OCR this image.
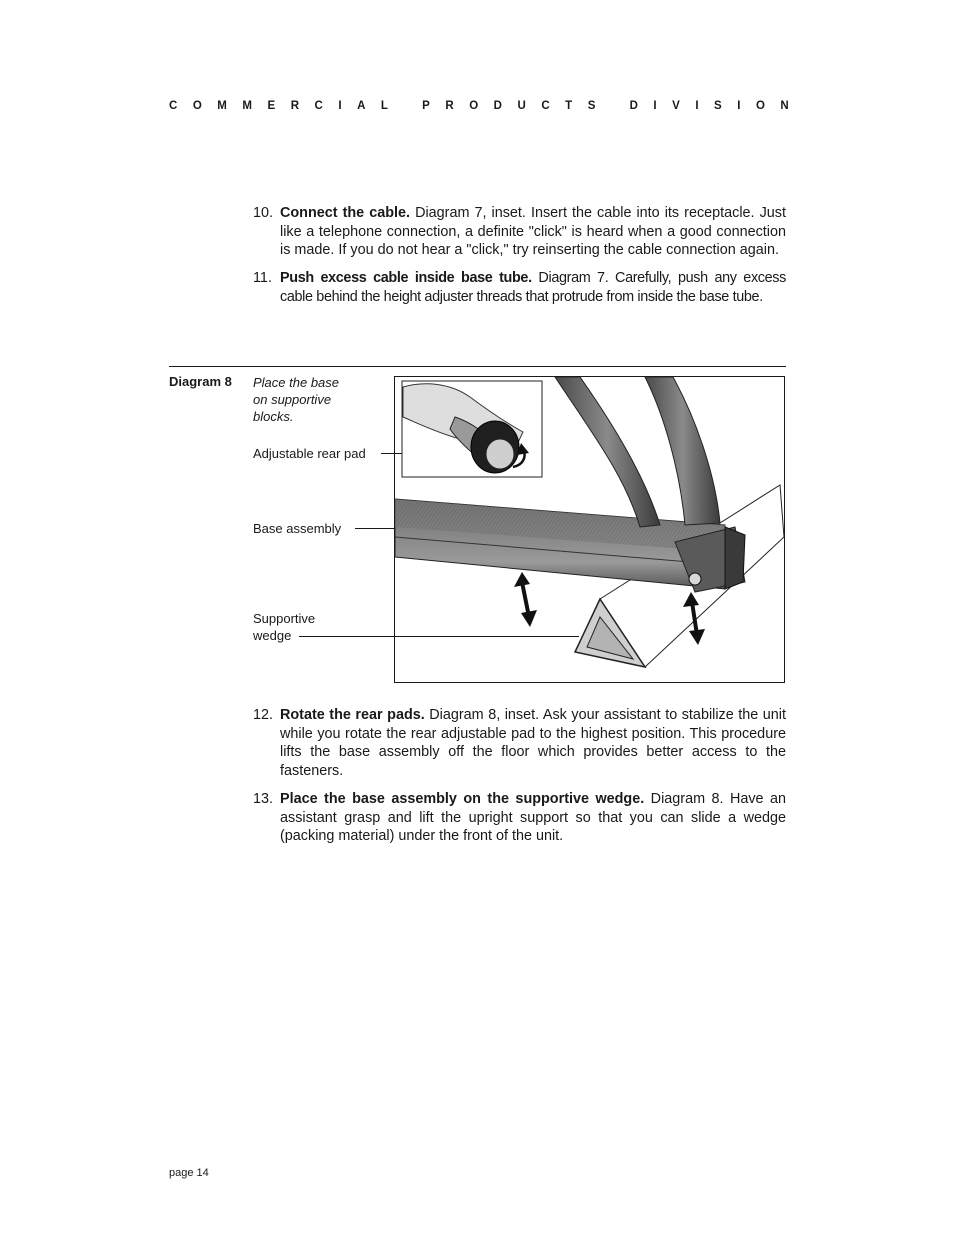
C O M M E R C I A L
	P R O D U C T S
	D I V I S I O N
10. Connect the cable. Diagram 7, inset. Insert the cable into its receptacle. Just like a telephone connection, a definite "click" is heard when a good connection is made. If you do not hear a "click," try reinserting the cable connection again.
11. Push excess cable inside base tube. Diagram 7. Carefully, push any excess cable behind the height adjuster threads that protrude from inside the base tube.
Diagram 8 Place the base
on supportive
blocks.
Adjustable rear pad
Base assembly
Supportive
wedge
12. Rotate the rear pads. Diagram 8, inset. Ask your assistant to stabilize the unit while you rotate the rear adjustable pad to the highest position. This procedure lifts the base assembly off the floor which provides better access to the fasteners.
13. Place the base assembly on the supportive wedge. Diagram 8. Have an assistant grasp and lift the upright support so that you can slide a wedge (packing material) under the front of the unit.
page 14
